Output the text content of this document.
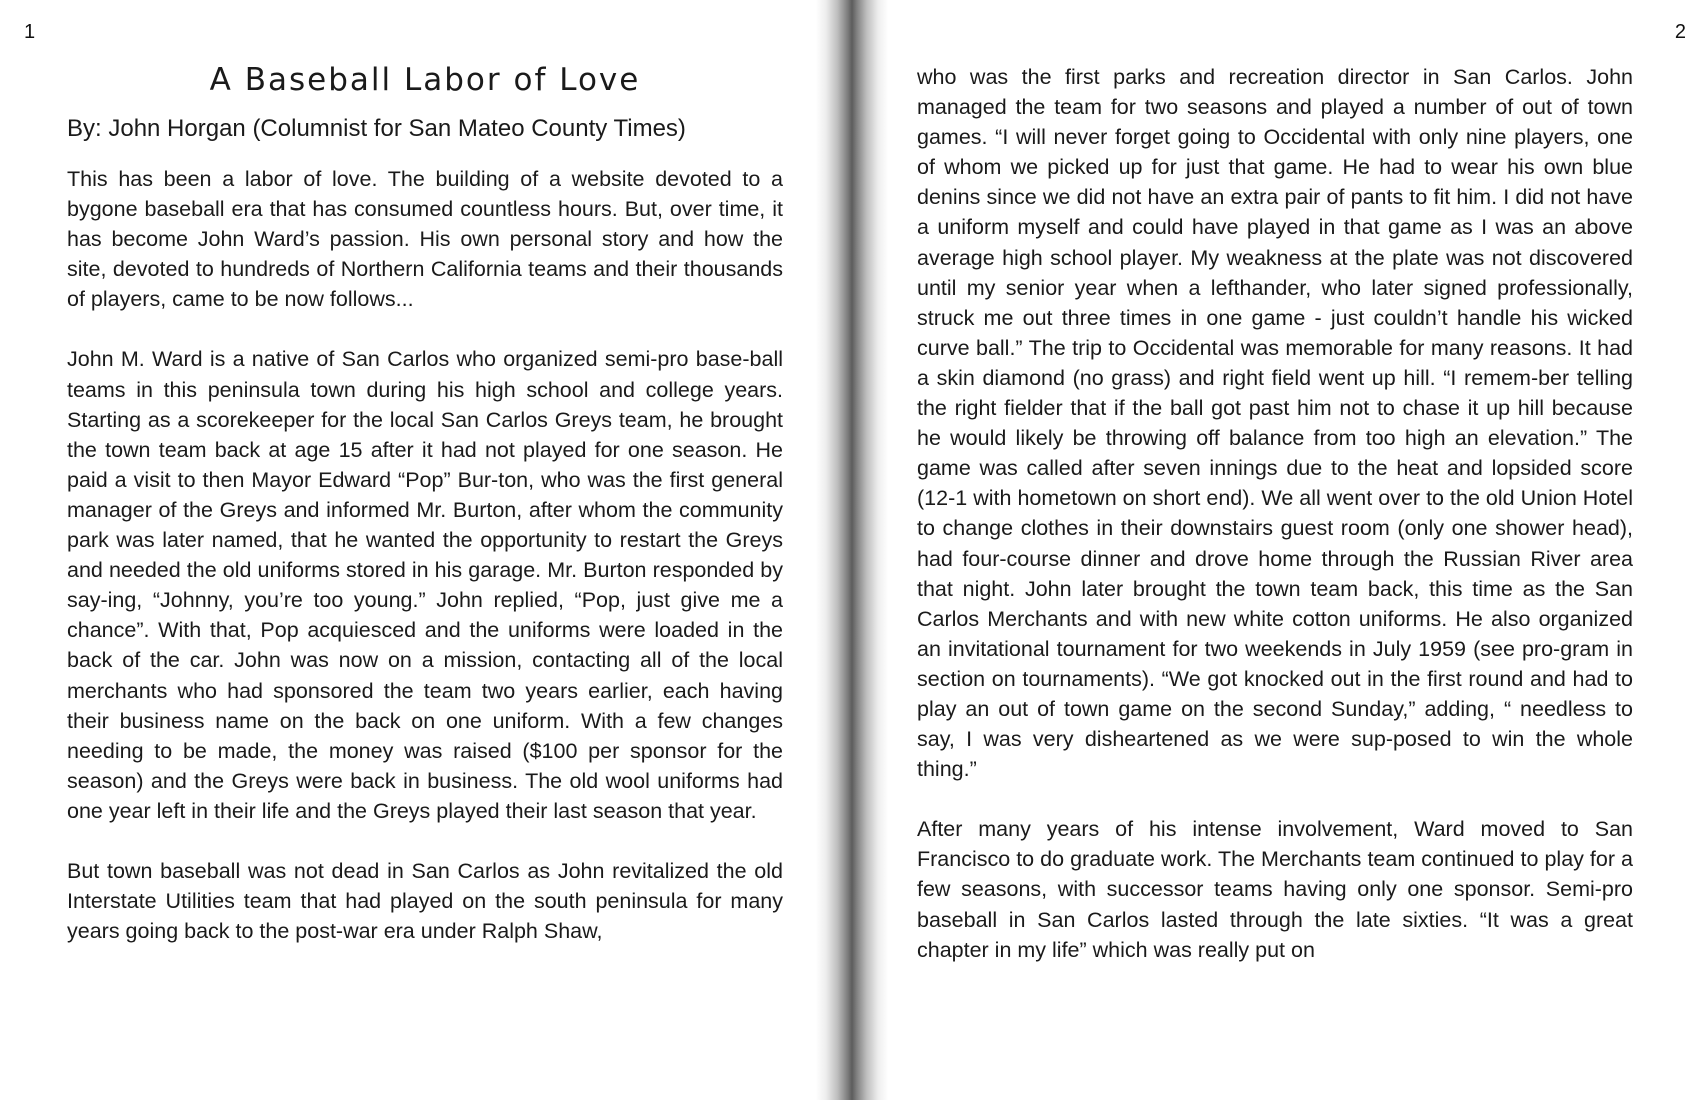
1	2
A Baseball Labor of Love

By: John Horgan (Columnist for San Mateo County Times)

This has been a labor of love. The building of a website devoted to a bygone baseball era that has consumed countless hours. But, over time, it has become John Ward’s passion. His own personal story and how the site, devoted to hundreds of Northern California teams and their thousands of players, came to be now follows...

John M. Ward is a native of San Carlos who organized semi-pro base-ball teams in this peninsula town during his high school and college years. Starting as a scorekeeper for the local San Carlos Greys team, he brought the town team back at age 15 after it had not played for one season. He paid a visit to then Mayor Edward “Pop” Bur-ton, who was the first general manager of the Greys and informed Mr. Burton, after whom the community park was later named, that he wanted the opportunity to restart the Greys and needed the old uniforms stored in his garage. Mr. Burton responded by say-ing, “Johnny, you’re too young.” John replied, “Pop, just give me a chance”. With that, Pop acquiesced and the uniforms were loaded in the back of the car. John was now on a mission, contacting all of the local merchants who had sponsored the team two years earlier, each having their business name on the back on one uniform. With a few changes needing to be made, the money was raised ($100 per sponsor for the season) and the Greys were back in business. The old wool uniforms had one year left in their life and the Greys played their last season that year.

But town baseball was not dead in San Carlos as John revitalized the old Interstate Utilities team that had played on the south peninsula for many years going back to the post-war era under Ralph Shaw,

who was the first parks and recreation director in San Carlos. John managed the team for two seasons and played a number of out of town games. “I will never forget going to Occidental with only nine players, one of whom we picked up for just that game. He had to wear his own blue denins since we did not have an extra pair of pants to fit him. I did not have a uniform myself and could have played in that game as I was an above average high school player. My weakness at the plate was not discovered until my senior year when a lefthander, who later signed professionally, struck me out three times in one game - just couldn’t handle his wicked curve ball.” The trip to Occidental was memorable for many reasons. It had a skin diamond (no grass) and right field went up hill. “I remem-ber telling the right fielder that if the ball got past him not to chase it up hill because he would likely be throwing off balance from too high an elevation.” The game was called after seven innings due to the heat and lopsided score (12-1 with hometown on short end). We all went over to the old Union Hotel to change clothes in their downstairs guest room (only one shower head), had four-course dinner and drove home through the Russian River area that night. John later brought the town team back, this time as the San Carlos Merchants and with new white cotton uniforms. He also organized an invitational tournament for two weekends in July 1959 (see pro-gram in section on tournaments). “We got knocked out in the first round and had to play an out of town game on the second Sunday,” adding, “ needless to say, I was very disheartened as we were sup-posed to win the whole thing.”

After many years of his intense involvement, Ward moved to San Francisco to do graduate work. The Merchants team continued to play for a few seasons, with successor teams having only one sponsor. Semi-pro baseball in San Carlos lasted through the late sixties. “It was a great chapter in my life” which was really put on
